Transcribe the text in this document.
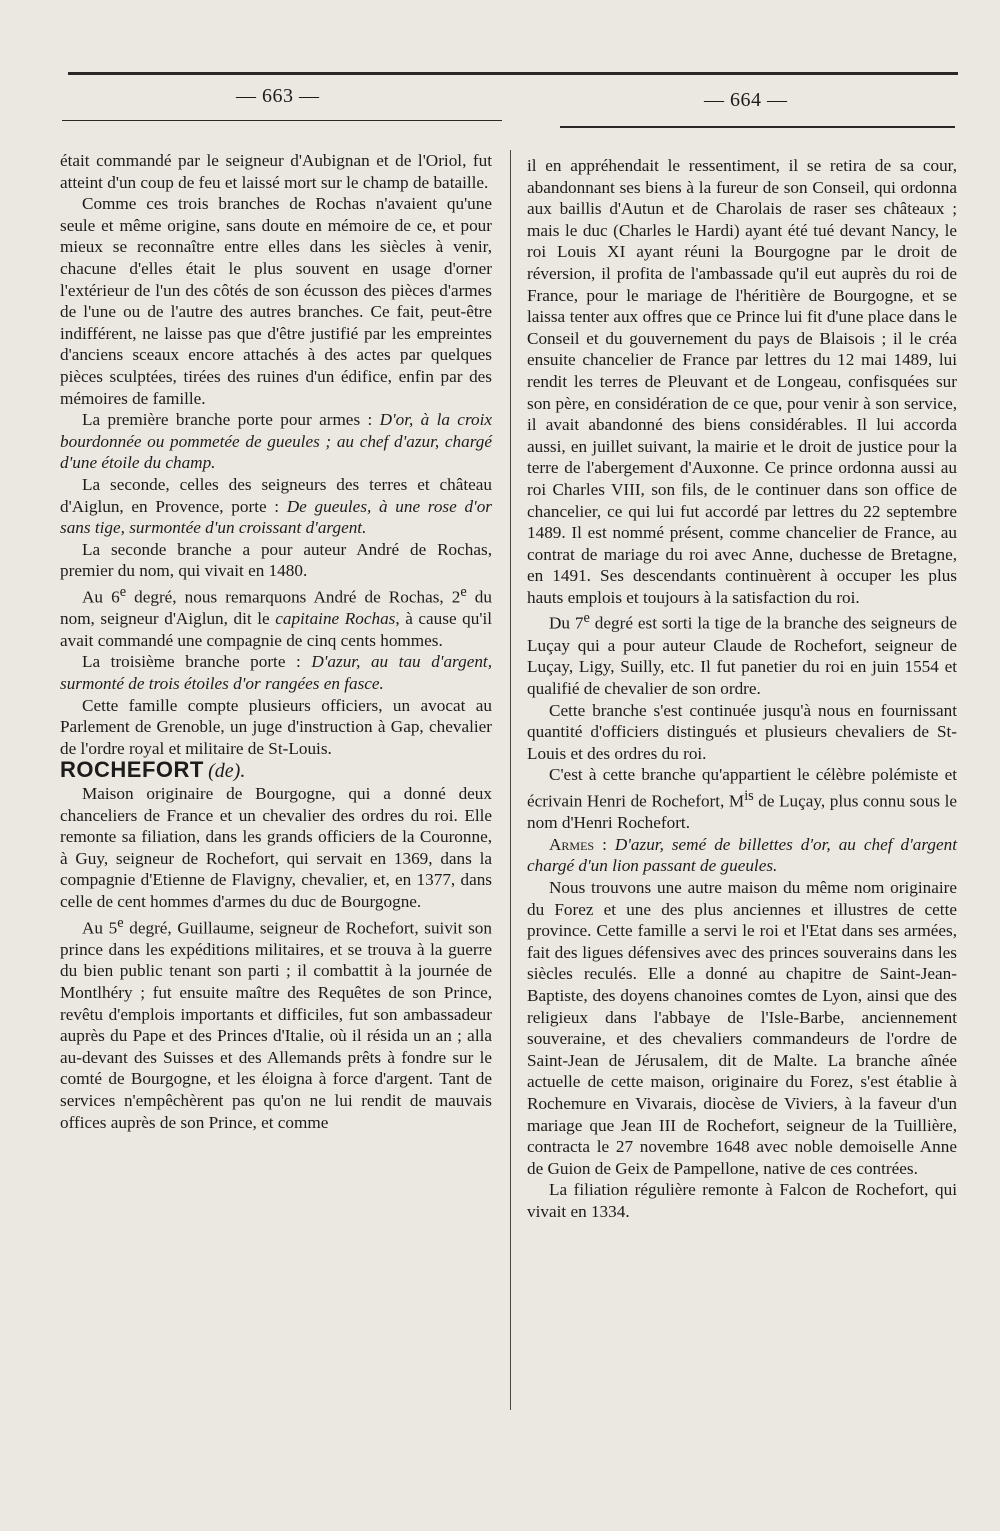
— 663 —	— 664 —

était commandé par le seigneur d'Aubignan et de l'Oriol, fut atteint d'un coup de feu et laissé mort sur le champ de bataille.

Comme ces trois branches de Rochas n'avaient qu'une seule et même origine, sans doute en mémoire de ce, et pour mieux se reconnaître entre elles dans les siècles à venir, chacune d'elles était le plus souvent en usage d'orner l'extérieur de l'un des côtés de son écusson des pièces d'armes de l'une ou de l'autre des autres branches. Ce fait, peut-être indifférent, ne laisse pas que d'être justifié par les empreintes d'anciens sceaux encore attachés à des actes par quelques pièces sculptées, tirées des ruines d'un édifice, enfin par des mémoires de famille.

La première branche porte pour armes : D'or, à la croix bourdonnée ou pommetée de gueules ; au chef d'azur, chargé d'une étoile du champ.

La seconde, celles des seigneurs des terres et château d'Aiglun, en Provence, porte : De gueules, à une rose d'or sans tige, surmontée d'un croissant d'argent.

La seconde branche a pour auteur André de Rochas, premier du nom, qui vivait en 1480.

Au 6e degré, nous remarquons André de Rochas, 2e du nom, seigneur d'Aiglun, dit le capitaine Rochas, à cause qu'il avait commandé une compagnie de cinq cents hommes.

La troisième branche porte : D'azur, au tau d'argent, surmonté de trois étoiles d'or rangées en fasce.

Cette famille compte plusieurs officiers, un avocat au Parlement de Grenoble, un juge d'instruction à Gap, chevalier de l'ordre royal et militaire de St-Louis.

ROCHEFORT (de).

Maison originaire de Bourgogne, qui a donné deux chanceliers de France et un chevalier des ordres du roi. Elle remonte sa filiation, dans les grands officiers de la Couronne, à Guy, seigneur de Rochefort, qui servait en 1369, dans la compagnie d'Etienne de Flavigny, chevalier, et, en 1377, dans celle de cent hommes d'armes du duc de Bourgogne.

Au 5e degré, Guillaume, seigneur de Rochefort, suivit son prince dans les expéditions militaires, et se trouva à la guerre du bien public tenant son parti ; il combattit à la journée de Montlhéry ; fut ensuite maître des Requêtes de son Prince, revêtu d'emplois importants et difficiles, fut son ambassadeur auprès du Pape et des Princes d'Italie, où il résida un an ; alla au-devant des Suisses et des Allemands prêts à fondre sur le comté de Bourgogne, et les éloigna à force d'argent. Tant de services n'empêchèrent pas qu'on ne lui rendit de mauvais offices auprès de son Prince, et comme

il en appréhendait le ressentiment, il se retira de sa cour, abandonnant ses biens à la fureur de son Conseil, qui ordonna aux baillis d'Autun et de Charolais de raser ses châteaux ; mais le duc (Charles le Hardi) ayant été tué devant Nancy, le roi Louis XI ayant réuni la Bourgogne par le droit de réversion, il profita de l'ambassade qu'il eut auprès du roi de France, pour le mariage de l'héritière de Bourgogne, et se laissa tenter aux offres que ce Prince lui fit d'une place dans le Conseil et du gouvernement du pays de Blaisois ; il le créa ensuite chancelier de France par lettres du 12 mai 1489, lui rendit les terres de Pleuvant et de Longeau, confisquées sur son père, en considération de ce que, pour venir à son service, il avait abandonné des biens considérables. Il lui accorda aussi, en juillet suivant, la mairie et le droit de justice pour la terre de l'abergement d'Auxonne. Ce prince ordonna aussi au roi Charles VIII, son fils, de le continuer dans son office de chancelier, ce qui lui fut accordé par lettres du 22 septembre 1489. Il est nommé présent, comme chancelier de France, au contrat de mariage du roi avec Anne, duchesse de Bretagne, en 1491. Ses descendants continuèrent à occuper les plus hauts emplois et toujours à la satisfaction du roi.

Du 7e degré est sorti la tige de la branche des seigneurs de Luçay qui a pour auteur Claude de Rochefort, seigneur de Luçay, Ligy, Suilly, etc. Il fut panetier du roi en juin 1554 et qualifié de chevalier de son ordre.

Cette branche s'est continuée jusqu'à nous en fournissant quantité d'officiers distingués et plusieurs chevaliers de St-Louis et des ordres du roi.

C'est à cette branche qu'appartient le célèbre polémiste et écrivain Henri de Rochefort, $M^{is}$ de Luçay, plus connu sous le nom d'Henri Rochefort.

Armes : D'azur, semé de billettes d'or, au chef d'argent chargé d'un lion passant de gueules.

Nous trouvons une autre maison du même nom originaire du Forez et une des plus anciennes et illustres de cette province. Cette famille a servi le roi et l'Etat dans ses armées, fait des ligues défensives avec des princes souverains dans les siècles reculés. Elle a donné au chapitre de Saint-Jean-Baptiste, des doyens chanoines comtes de Lyon, ainsi que des religieux dans l'abbaye de l'Isle-Barbe, anciennement souveraine, et des chevaliers commandeurs de l'ordre de Saint-Jean de Jérusalem, dit de Malte. La branche aînée actuelle de cette maison, originaire du Forez, s'est établie à Rochemure en Vivarais, diocèse de Viviers, à la faveur d'un mariage que Jean III de Rochefort, seigneur de la Tuillière, contracta le 27 novembre 1648 avec noble demoiselle Anne de Guion de Geix de Pampellone, native de ces contrées.

La filiation régulière remonte à Falcon de Rochefort, qui vivait en 1334.
